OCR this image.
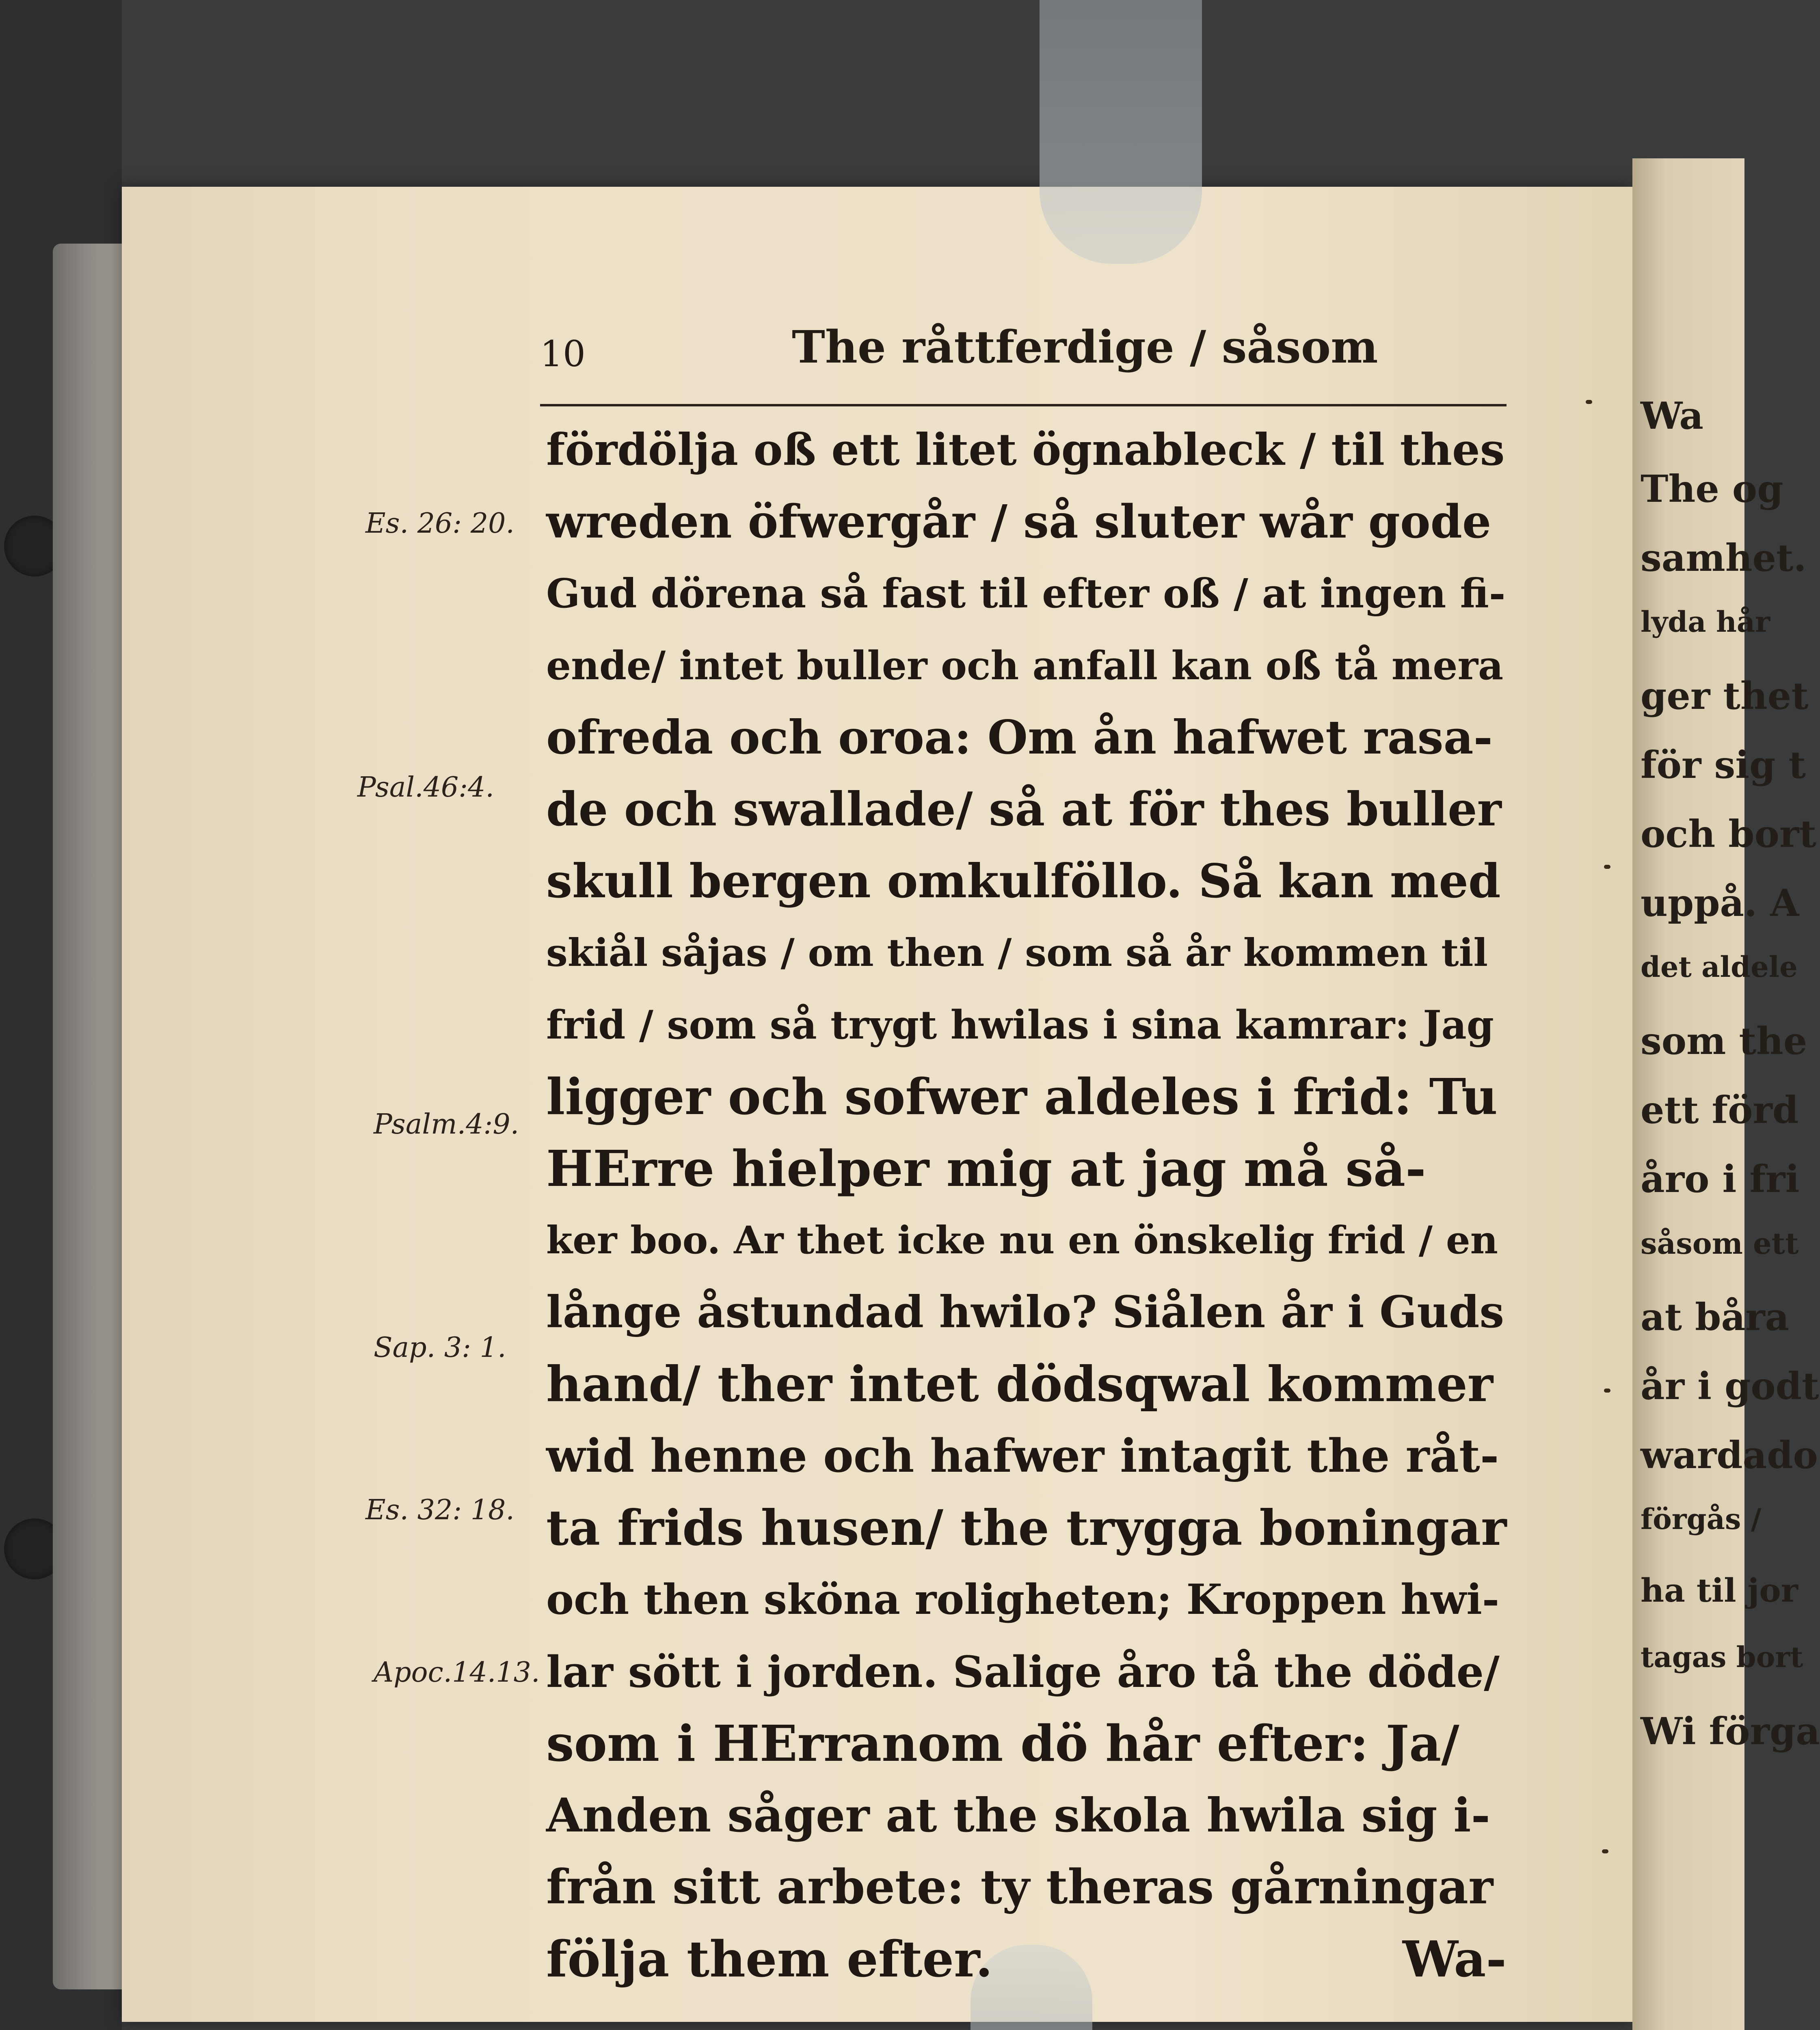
Wa
The og
samhet.
lyda hår
ger thet
för sig t
och bort
uppå. A
det aldele
som the
ett förd
åro i fri
såsom ett
at båra
år i godt
wardado
förgås /
ha til jor
tagas bort
Wi förga
10	The råttferdige / såsom
Es. 26: 20.
Psal.46:4.
Psalm.4:9.
Sap. 3: 1.
Es. 32: 18.
Apoc.14.13.
fördölja oß ett litet ögnableck / til thes
wreden öfwergår / så sluter wår gode
Gud dörena så fast til efter oß / at ingen fi-
ende/ intet buller och anfall kan oß tå mera
ofreda och oroa: Om ån hafwet rasa-
de och swallade/ så at för thes buller
skull bergen omkulföllo. Så kan med
skiål såjas / om then / som så år kommen til
frid / som så trygt hwilas i sina kamrar: Jag
ligger och sofwer aldeles i frid: Tu
HErre hielper mig at jag må så-
ker boo. Ar thet icke nu en önskelig frid / en
långe åstundad hwilo? Siålen år i Guds
hand/ ther intet dödsqwal kommer
wid henne och hafwer intagit the råt-
ta frids husen/ the trygga boningar
och then sköna roligheten; Kroppen hwi-
lar sött i jorden. Salige åro tå the döde/
som i HErranom dö hår efter: Ja/
Anden såger at the skola hwila sig i-
från sitt arbete: ty theras gårningar
följa them efter.	Wa-
